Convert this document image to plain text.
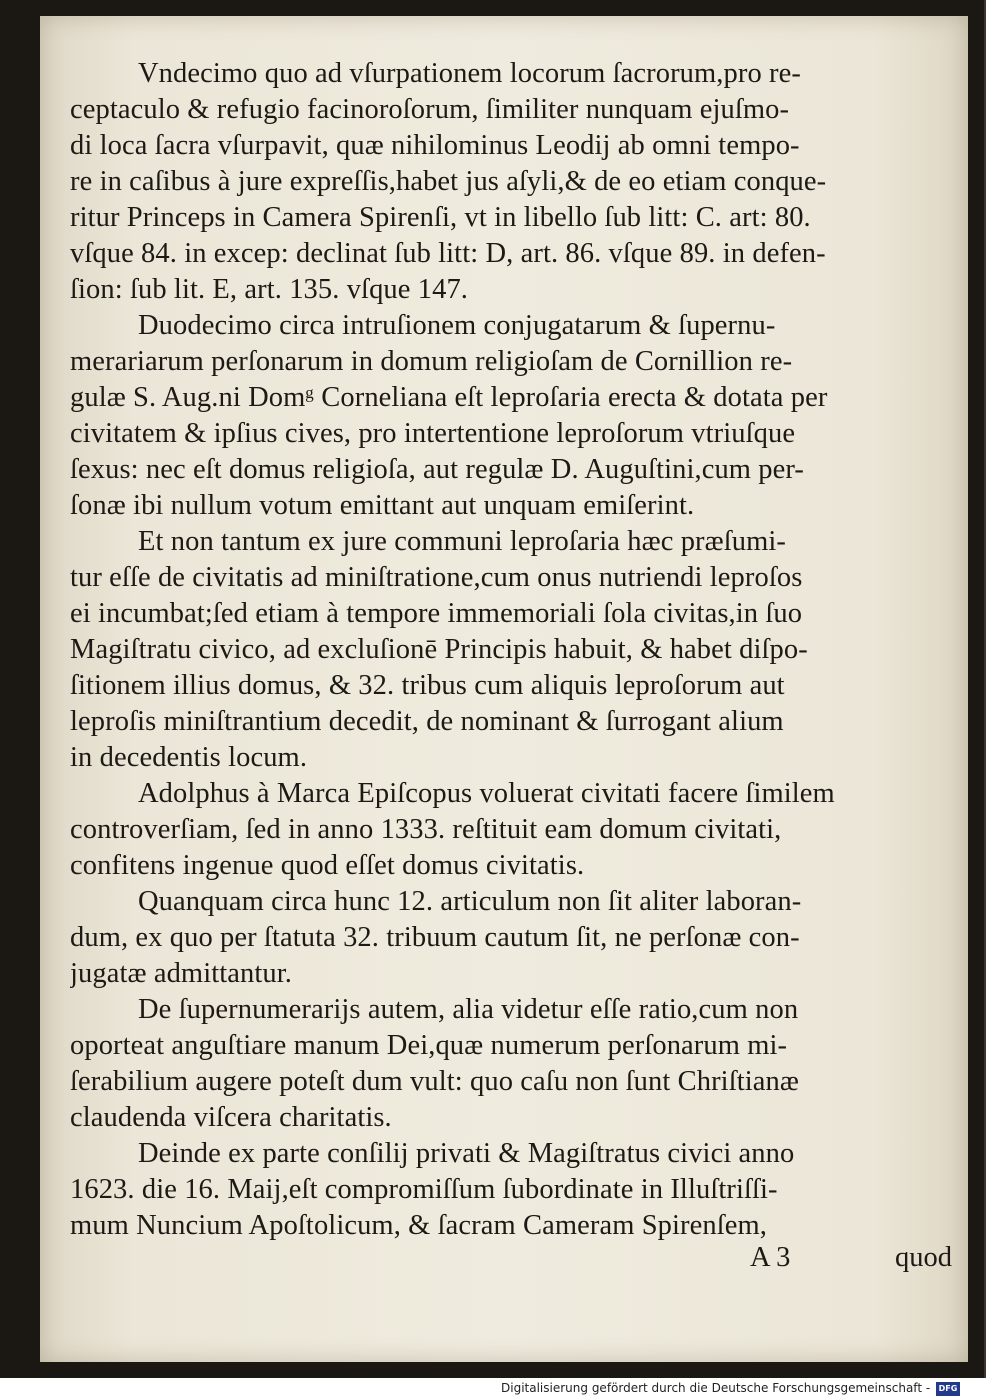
Vndecimo quo ad vſurpationem locorum ſacrorum,pro re-
ceptaculo & refugio facinoroſorum, ſimiliter nunquam ejuſmo-
di loca ſacra vſurpavit, quæ nihilominus Leodij ab omni tempo-
re in caſibus à jure expreſſis,habet jus aſyli,& de eo etiam conque-
ritur Princeps in Camera Spirenſi, vt in libello ſub litt: C. art: 80.
vſque 84. in excep: declinat ſub litt: D, art. 86. vſque 89. in defen-
ſion: ſub lit. E, art. 135. vſque 147.
Duodecimo circa intruſionem conjugatarum & ſupernu-
merariarum perſonarum in domum religioſam de Cornillion re-
gulæ S. Aug.ni Domᵍ Corneliana eſt leproſaria erecta & dotata per
civitatem & ipſius cives, pro intertentione leproſorum vtriuſque
ſexus: nec eſt domus religioſa, aut regulæ D. Auguſtini,cum per-
ſonæ ibi nullum votum emittant aut unquam emiſerint.
Et non tantum ex jure communi leproſaria hæc præſumi-
tur eſſe de civitatis ad miniſtratione,cum onus nutriendi leproſos
ei incumbat;ſed etiam à tempore immemoriali ſola civitas,in ſuo
Magiſtratu civico, ad excluſionē Principis habuit, & habet diſpo-
ſitionem illius domus, & 32. tribus cum aliquis leproſorum aut
leproſis miniſtrantium decedit, de nominant & ſurrogant alium
in decedentis locum.
Adolphus à Marca Epiſcopus voluerat civitati facere ſimilem
controverſiam, ſed in anno 1333. reſtituit eam domum civitati,
confitens ingenue quod eſſet domus civitatis.
Quanquam circa hunc 12. articulum non ſit aliter laboran-
dum, ex quo per ſtatuta 32. tribuum cautum ſit, ne perſonæ con-
jugatæ admittantur.
De ſupernumerarijs autem, alia videtur eſſe ratio,cum non
oporteat anguſtiare manum Dei,quæ numerum perſonarum mi-
ſerabilium augere poteſt dum vult: quo caſu non ſunt Chriſtianæ
claudenda viſcera charitatis.
Deinde ex parte conſilij privati & Magiſtratus civici anno
1623. die 16. Maij,eſt compromiſſum ſubordinate in Illuſtriſſi-
mum Nuncium Apoſtolicum, & ſacram Cameram Spirenſem,
A 3	quod
Digitalisierung gefördert durch die Deutsche Forschungsgemeinschaft - DFG
